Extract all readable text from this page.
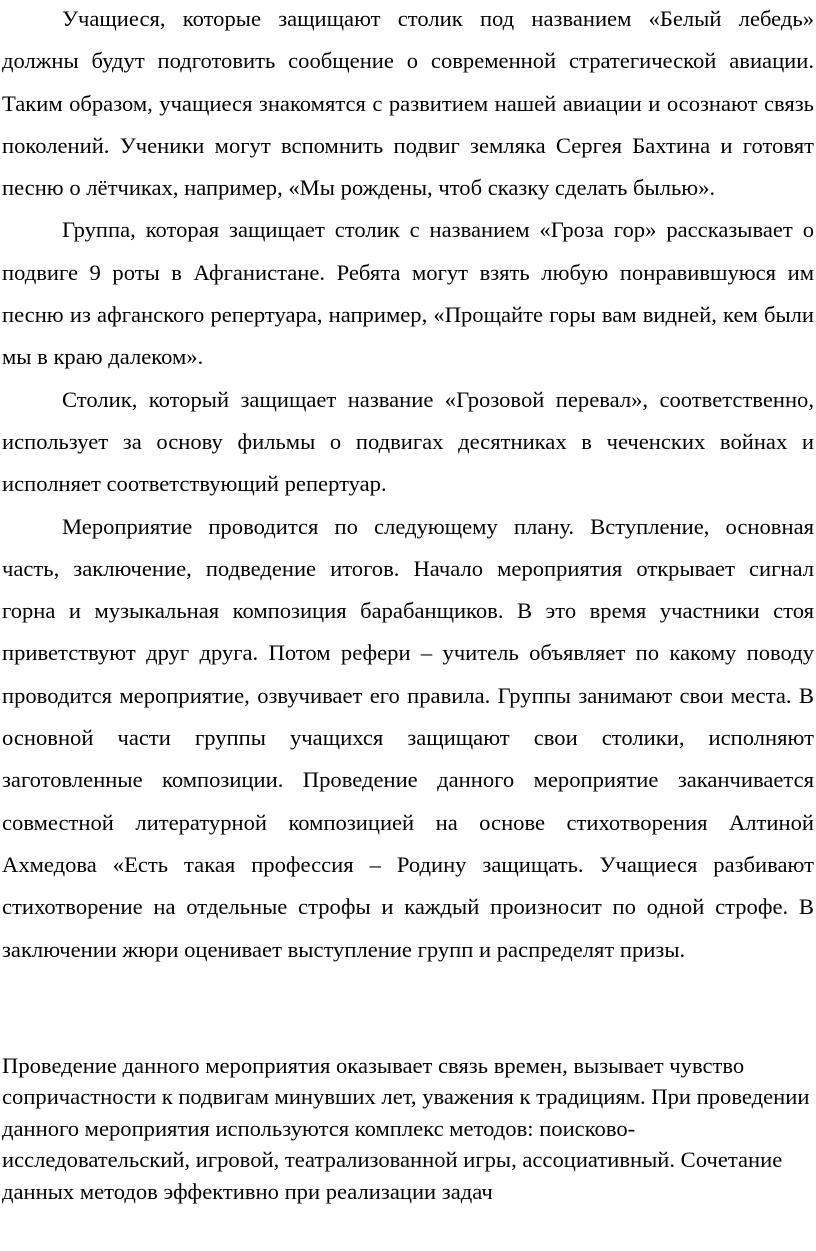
Учащиеся, которые защищают столик под названием «Белый лебедь» должны будут подготовить сообщение о современной стратегической авиации. Таким образом, учащиеся знакомятся с развитием нашей авиации и осознают связь поколений. Ученики могут вспомнить подвиг земляка Сергея Бахтина и готовят песню о лётчиках, например, «Мы рождены, чтоб сказку сделать былью».

Группа, которая защищает столик с названием «Гроза гор» рассказывает о подвиге 9 роты в Афганистане. Ребята могут взять любую понравившуюся им песню из афганского репертуара, например, «Прощайте горы вам видней, кем были мы в краю далеком».

Столик, который защищает название «Грозовой перевал», соответственно, использует за основу фильмы о подвигах десятниках в чеченских войнах и исполняет соответствующий репертуар.

Мероприятие проводится по следующему плану. Вступление, основная часть, заключение, подведение итогов. Начало мероприятия открывает сигнал горна и музыкальная композиция барабанщиков. В это время участники стоя приветствуют друг друга. Потом рефери – учитель объявляет по какому поводу проводится мероприятие, озвучивает его правила. Группы занимают свои места. В основной части группы учащихся защищают свои столики, исполняют заготовленные композиции. Проведение данного мероприятие заканчивается совместной литературной композицией на основе стихотворения Алтиной Ахмедова «Есть такая профессия – Родину защищать. Учащиеся разбивают стихотворение на отдельные строфы и каждый произносит по одной строфе. В заключении жюри оценивает выступление групп и распределят призы.

Проведение данного мероприятия оказывает связь времен, вызывает чувство сопричастности к подвигам минувших лет, уважения к традициям. При проведении данного мероприятия используются комплекс методов: поисково-исследовательский, игровой, театрализованной игры, ассоциативный. Сочетание данных методов эффективно при реализации задач
